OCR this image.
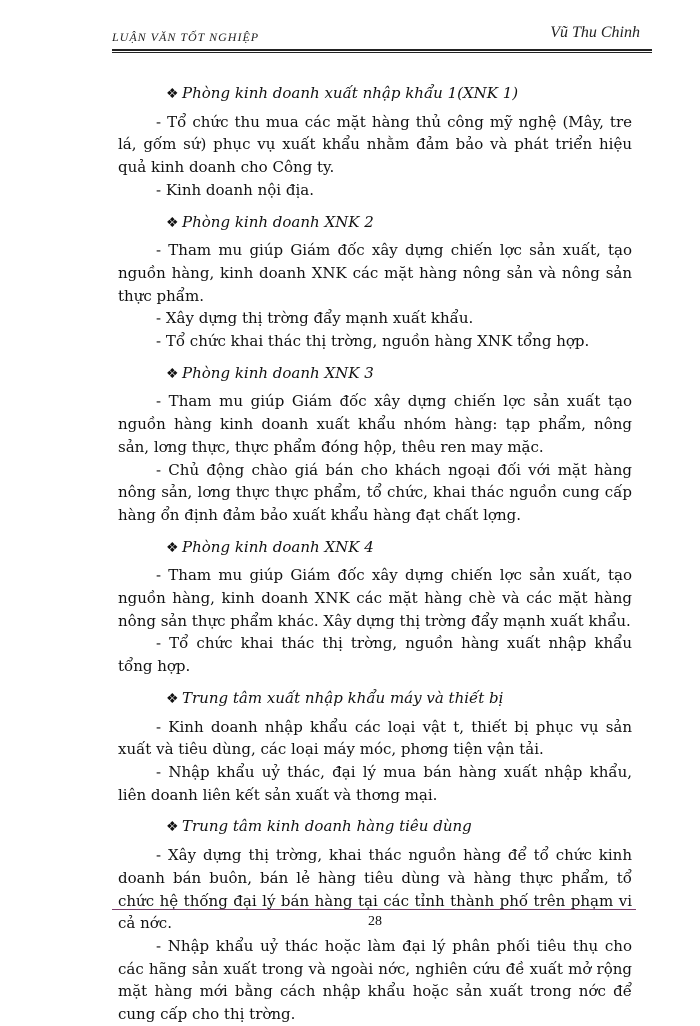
LUẬN VĂN TỐT NGHIỆP	Vũ Thu Chinh

❖ Phòng kinh doanh xuất nhập khẩu 1(XNK 1)

- Tổ chức thu mua các mặt hàng thủ công mỹ nghệ (Mây, tre lá, gốm sứ) phục vụ xuất khẩu nhằm đảm bảo và phát triển hiệu quả kinh doanh cho Công ty.

- Kinh doanh nội địa.

❖ Phòng kinh doanh XNK 2

- Tham mu giúp Giám đốc xây dựng chiến lợc sản xuất, tạo nguồn hàng, kinh doanh XNK các mặt hàng nông sản và nông sản thực phẩm.

- Xây dựng thị trờng đẩy mạnh xuất khẩu.

- Tổ chức khai thác thị trờng, nguồn hàng XNK tổng hợp.

❖ Phòng kinh doanh XNK 3

- Tham mu giúp Giám đốc xây dựng chiến lợc sản xuất tạo nguồn hàng kinh doanh xuất khẩu nhóm hàng: tạp phẩm, nông sản, lơng thực, thực phẩm đóng hộp, thêu ren may mặc.

- Chủ động chào giá bán cho khách ngoại đối với mặt hàng nông sản, lơng thực thực phẩm, tổ chức, khai thác nguồn cung cấp hàng ổn định đảm bảo xuất khẩu hàng đạt chất lợng.

❖ Phòng kinh doanh XNK 4

- Tham mu giúp Giám đốc xây dựng chiến lợc sản xuất, tạo nguồn hàng, kinh doanh XNK các mặt hàng chè và các mặt hàng nông sản thực phẩm khác. Xây dựng thị trờng đẩy mạnh xuất khẩu.

- Tổ chức khai thác thị trờng, nguồn hàng xuất nhập khẩu tổng hợp.

❖ Trung tâm xuất nhập khẩu máy và thiết bị

- Kinh doanh nhập khẩu các loại vật t, thiết bị phục vụ sản xuất và tiêu dùng, các loại máy móc, phơng tiện vận tải.

- Nhập khẩu uỷ thác, đại lý mua bán hàng xuất nhập khẩu, liên doanh liên kết sản xuất và thơng mại.

❖ Trung tâm kinh doanh hàng tiêu dùng

- Xây dựng thị trờng, khai thác nguồn hàng để tổ chức kinh doanh bán buôn, bán lẻ hàng tiêu dùng và hàng thực phẩm, tổ chức hệ thống đại lý bán hàng tại các tỉnh thành phố trên phạm vi cả nớc.

- Nhập khẩu uỷ thác hoặc làm đại lý phân phối tiêu thụ cho các hãng sản xuất trong và ngoài nớc, nghiên cứu đề xuất mở rộng mặt hàng mới bằng cách nhập khẩu hoặc sản xuất trong nớc để cung cấp cho thị trờng.

28
